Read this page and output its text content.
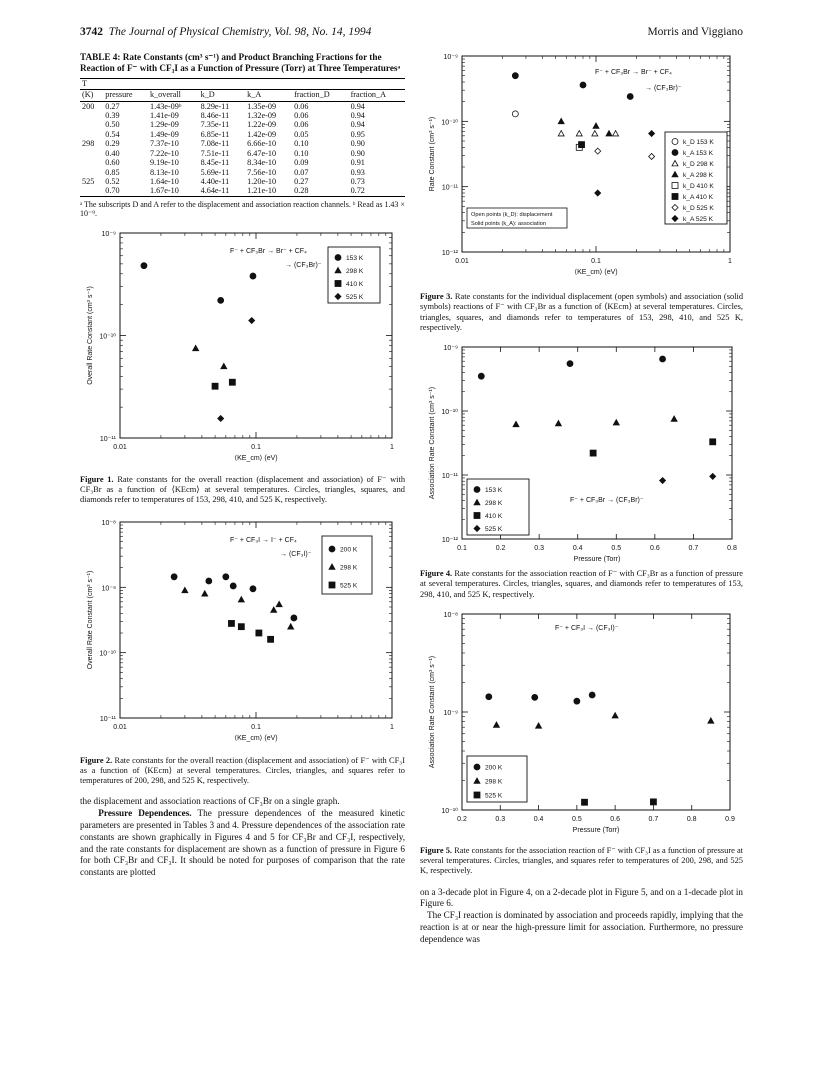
3742 The Journal of Physical Chemistry, Vol. 98, No. 14, 1994	Morris and Viggiano
TABLE 4: Rate Constants (cm³ s⁻¹) and Product Branching Fractions for the Reaction of F⁻ with CF₃I as a Function of Pressure (Torr) at Three Temperaturesᵃ
T						
(K)	pressure	k_overall	k_D	k_A	fraction_D	fraction_A
200	0.27	1.43e-09ᵇ	8.29e-11	1.35e-09	0.06	0.94
	0.39	1.41e-09	8.46e-11	1.32e-09	0.06	0.94
	0.50	1.29e-09	7.35e-11	1.22e-09	0.06	0.94
	0.54	1.49e-09	6.85e-11	1.42e-09	0.05	0.95
298	0.29	7.37e-10	7.08e-11	6.66e-10	0.10	0.90
	0.40	7.22e-10	7.51e-11	6.47e-10	0.10	0.90
	0.60	9.19e-10	8.45e-11	8.34e-10	0.09	0.91
	0.85	8.13e-10	5.69e-11	7.56e-10	0.07	0.93
525	0.52	1.64e-10	4.40e-11	1.20e-10	0.27	0.73
	0.70	1.67e-10	4.64e-11	1.21e-10	0.28	0.72
ᵃ The subscripts D and A refer to the displacement and association reaction channels. ᵇ Read as 1.43 × 10⁻⁹.
10⁻⁹
10⁻¹⁰
10⁻¹¹
0.01	0.1	1
⟨KE_cm⟩ (eV)
Overall Rate Constant (cm³ s⁻¹)
F⁻ + CF₃Br → Br⁻ + CF₄
→ (CF₃Br)⁻
153 K
298 K
410 K
525 K
Figure 1. Rate constants for the overall reaction (displacement and association) of F⁻ with CF₃Br as a function of ⟨KEcm⟩ at several temperatures. Circles, triangles, squares, and diamonds refer to temperatures of 153, 298, 410, and 525 K, respectively.
10⁻⁸
10⁻⁹
10⁻¹⁰
10⁻¹¹
0.01	0.1	1
⟨KE_cm⟩ (eV)
Overall Rate Constant (cm³ s⁻¹)
F⁻ + CF₃I → I⁻ + CF₄
→ (CF₃I)⁻
200 K
298 K
525 K
Figure 2. Rate constants for the overall reaction (displacement and association) of F⁻ with CF₃I as a function of ⟨KEcm⟩ at several temperatures. Circles, triangles, and squares refer to temperatures of 200, 298, and 525 K, respectively.
the displacement and association reactions of CF₃Br on a single graph.
Pressure Dependences. The pressure dependences of the measured kinetic parameters are presented in Tables 3 and 4. Pressure dependences of the association rate constants are shown graphically in Figures 4 and 5 for CF₃Br and CF₃I, respectively, and the rate constants for displacement are shown as a function of pressure in Figure 6 for both CF₃Br and CF₃I. It should be noted for purposes of comparison that the rate constants are plotted
10⁻⁹
10⁻¹⁰
10⁻¹¹
10⁻¹²
0.01	0.1	1
⟨KE_cm⟩ (eV)
Rate Constant (cm³ s⁻¹)
F⁻ + CF₃Br → Br⁻ + CF₄
→ (CF₃Br)⁻
k_D 153 K
k_A 153 K
k_D 298 K
k_A 298 K
k_D 410 K
k_A 410 K
k_D 525 K
k_A 525 K
Open points (k_D): displacement
Solid points (k_A): association
Figure 3. Rate constants for the individual displacement (open symbols) and association (solid symbols) reactions of F⁻ with CF₃Br as a function of ⟨KEcm⟩ at several temperatures. Circles, triangles, squares, and diamonds refer to temperatures of 153, 298, 410, and 525 K, respectively.
10⁻⁹
10⁻¹⁰
10⁻¹¹
10⁻¹²
0.1	0.2	0.3	0.4	0.5	0.6	0.7	0.8
Pressure (Torr)
Association Rate Constant (cm³ s⁻¹)
F⁻ + CF₃Br → (CF₃Br)⁻
153 K
298 K
410 K
525 K
Figure 4. Rate constants for the association reaction of F⁻ with CF₃Br as a function of pressure at several temperatures. Circles, triangles, squares, and diamonds refer to temperatures of 153, 298, 410, and 525 K, respectively.
10⁻⁸
10⁻⁹
10⁻¹⁰
0.2	0.3	0.4	0.5	0.6	0.7	0.8	0.9
Pressure (Torr)
Association Rate Constant (cm³ s⁻¹)
F⁻ + CF₃I → (CF₃I)⁻
200 K
298 K
525 K
Figure 5. Rate constants for the association reaction of F⁻ with CF₃I as a function of pressure at several temperatures. Circles, triangles, and squares refer to temperatures of 200, 298, and 525 K, respectively.
on a 3-decade plot in Figure 4, on a 2-decade plot in Figure 5, and on a 1-decade plot in Figure 6.
The CF₃I reaction is dominated by association and proceeds rapidly, implying that the reaction is at or near the high-pressure limit for association. Furthermore, no pressure dependence was
